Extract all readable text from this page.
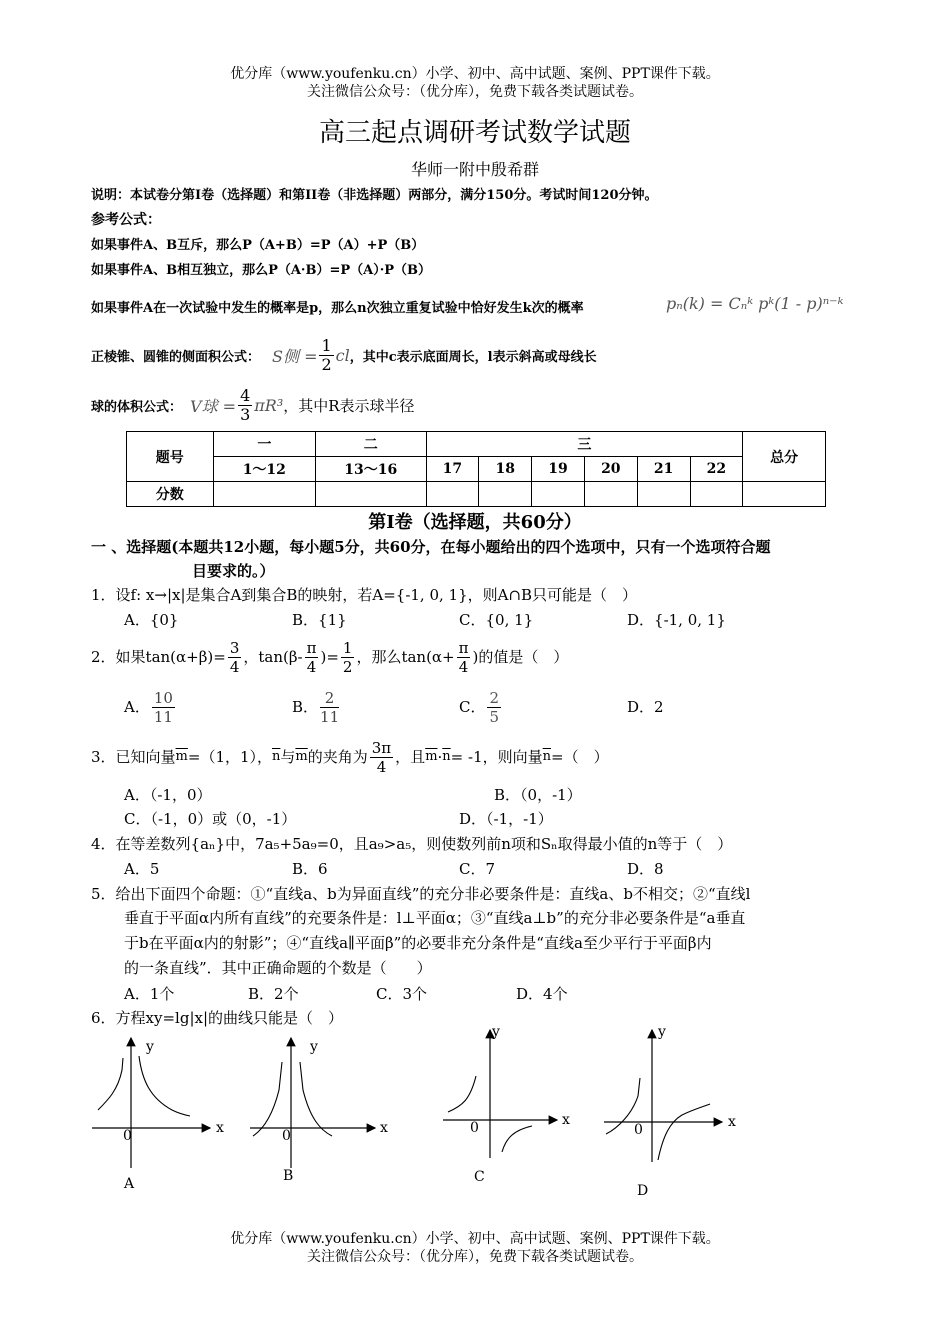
优分库（www.youfenku.cn）小学、初中、高中试题、案例、PPT课件下载。
关注微信公众号：（优分库），免费下载各类试题试卷。
高三起点调研考试数学试题
华师一附中殷希群
说明：本试卷分第I卷（选择题）和第II卷（非选择题）两部分，满分150分。考试时间120分钟。
参考公式：
如果事件A、B互斥，那么P（A+B）=P（A）+P（B）
如果事件A、B相互独立，那么P（A·B）=P（A）·P（B）
如果事件A在一次试验中发生的概率是p，那么n次独立重复试验中恰好发生k次的概率	pₙ(k) = Cₙᵏ pᵏ(1 - p)ⁿ⁻ᵏ
正棱锥、圆锥的侧面积公式： S侧 = $\frac{1}{2}$ cl ，其中c表示底面周长，l表示斜高或母线长
球的体积公式： V球 = $\frac{4}{3} \pi R^3$ ，其中R表示球半径
题号	一	二	三						总分
	1～12	13～16	17	18	19	20	21	22	
分数									
第I卷（选择题，共60分）
一 、选择题(本题共12小题，每小题5分，共60分，在每小题给出的四个选项中，只有一个选项符合题
目要求的。）
1．设f: x→|x|是集合A到集合B的映射，若A={-1, 0, 1}，则A∩B只可能是（　）
A．{0}	B．{1}	C．{0, 1}	D．{-1, 0, 1}
2．如果$\tan(\alpha+\beta)= \frac{3}{4}$ ，$\tan(\beta- \frac{\pi}{4}$ )= $\frac{1}{2}$ ，那么$\tan(\alpha+ \frac{\pi}{4}$ )的值是（　）
A． $\frac{10}{11}$	B． $\frac{2}{11}$	C． $\frac{2}{5}$	D．2
3．已知向量 $\overline{m} =(1$，1）， $\overline{n}$ 与 $\overline{m}$ 的夹角为 $\frac{3\pi}{4}$ ，且 $\overline{m} \cdot \overline{n} = -1$，则向量 $\overline{n}$ =（　）
A．（-1，0）	B．（0，-1）
C．（-1，0）或（0，-1）	D．（-1，-1）
4．在等差数列{aₙ}中，7a₅+5a₉=0，且a₉>a₅，则使数列前n项和Sₙ取得最小值的n等于（　）
A．5	B．6	C．7	D．8
5．给出下面四个命题：①“直线a、b为异面直线”的充分非必要条件是：直线a、b不相交；②“直线l
垂直于平面α内所有直线”的充要条件是：l⊥平面α；③“直线a⊥b”的充分非必要条件是“a垂直
于b在平面α内的射影”；④“直线a∥平面β”的必要非充分条件是“直线a至少平行于平面β内
的一条直线”．其中正确命题的个数是（　　）
A．1个	B．2个	C．3个	D．4个
6．方程xy=lg|x|的曲线只能是（　）
y
x
0
A
y
x
0
B
y
x
0
C
y
x
0
D
优分库（www.youfenku.cn）小学、初中、高中试题、案例、PPT课件下载。
关注微信公众号：（优分库），免费下载各类试题试卷。
